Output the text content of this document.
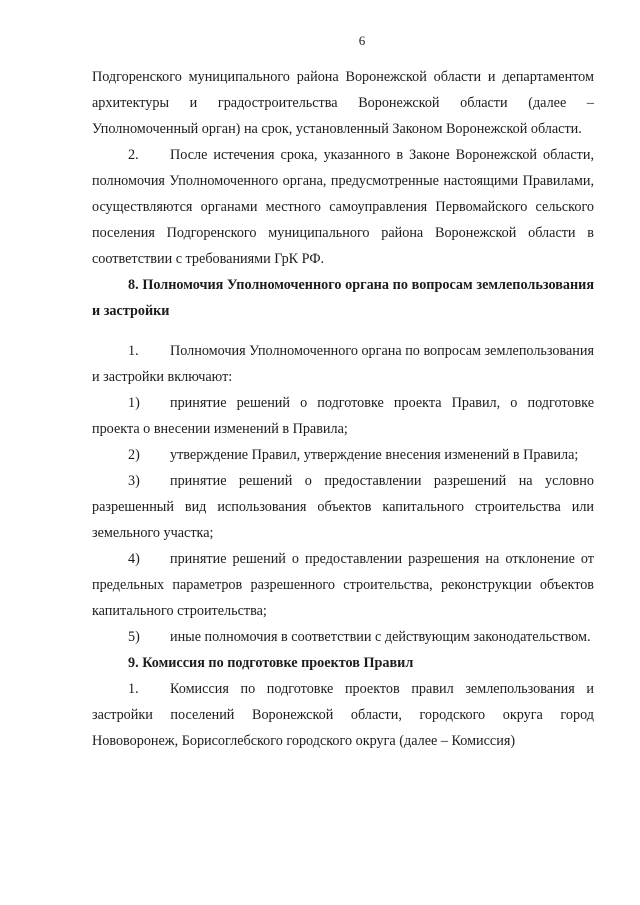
6

Подгоренского муниципального района Воронежской области и департаментом архитектуры и градостроительства Воронежской области (далее – Уполномоченный орган) на срок, установленный Законом Воронежской области.

2. После истечения срока, указанного в Законе Воронежской области, полномочия Уполномоченного органа, предусмотренные настоящими Правилами, осуществляются органами местного самоуправления Первомайского сельского поселения Подгоренского муниципального района Воронежской области в соответствии с требованиями ГрК РФ.

8. Полномочия Уполномоченного органа по вопросам землепользования и застройки

1. Полномочия Уполномоченного органа по вопросам землепользования и застройки включают:

1) принятие решений о подготовке проекта Правил, о подготовке проекта о внесении изменений в Правила;

2) утверждение Правил, утверждение внесения изменений в Правила;

3) принятие решений о предоставлении разрешений на условно разрешенный вид использования объектов капитального строительства или земельного участка;

4) принятие решений о предоставлении разрешения на отклонение от предельных параметров разрешенного строительства, реконструкции объектов капитального строительства;

5) иные полномочия в соответствии с действующим законодательством.

9. Комиссия по подготовке проектов Правил

1. Комиссия по подготовке проектов правил землепользования и застройки поселений Воронежской области, городского округа город Нововоронеж, Борисоглебского городского округа (далее – Комиссия)
